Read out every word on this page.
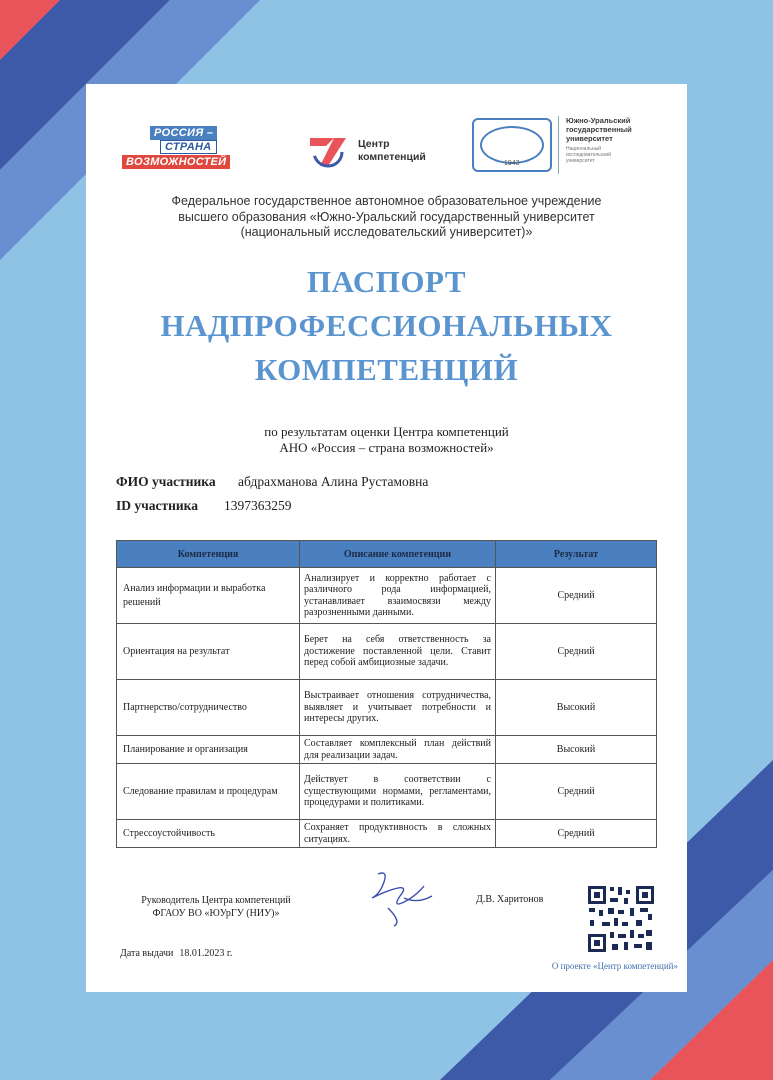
РОССИЯ –
СТРАНА
ВОЗМОЖНОСТЕЙ
Центр
компетенций
1943
Южно-Уральский
государственный
университет
Национальный
исследовательский
университет
Федеральное государственное автономное образовательное учреждение
высшего образования «Южно-Уральский государственный университет
(национальный исследовательский университет)»
ПАСПОРТ
НАДПРОФЕССИОНАЛЬНЫХ
КОМПЕТЕНЦИЙ
по результатам оценки Центра компетенций
АНО «Россия – страна возможностей»
ФИО участника абдрахманова Алина Рустамовна
ID участника 1397363259
Компетенция	Описание компетенции	Результат
Анализ информации и выработка решений	Анализирует и корректно работает с различного рода информацией, устанавливает взаимосвязи между разрозненными данными.	Средний
Ориентация на результат	Берет на себя ответственность за достижение поставленной цели. Ставит перед собой амбициозные задачи.	Средний
Партнерство/сотрудничество	Выстраивает отношения сотрудничества, выявляет и учитывает потребности и интересы других.	Высокий
Планирование и организация	Составляет комплексный план действий для реализации задач.	Высокий
Следование правилам и процедурам	Действует в соответствии с существующими нормами, регламентами, процедурами и политиками.	Средний
Стрессоустойчивость	Сохраняет продуктивность в сложных ситуациях.	Средний
Руководитель Центра компетенций
ФГАОУ ВО «ЮУрГУ (НИУ)»
Д.В. Харитонов
Дата выдачи 18.01.2023 г.
О проекте «Центр компетенций»
